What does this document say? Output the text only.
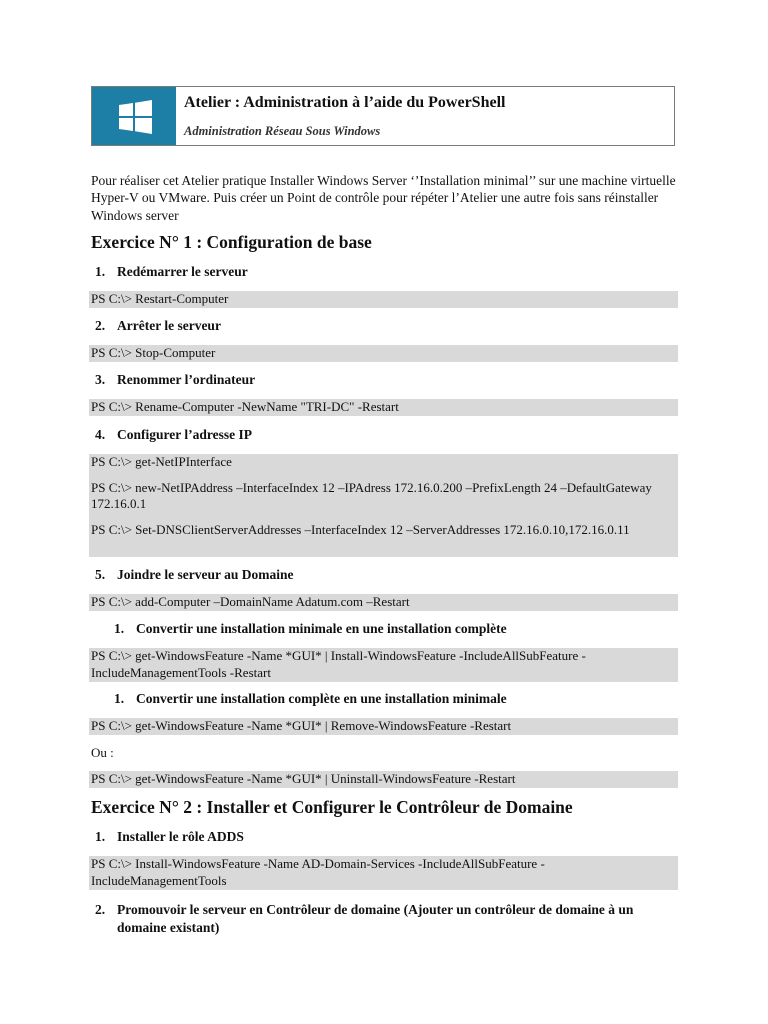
Atelier : Administration à l’aide du PowerShell
Administration Réseau Sous Windows
Pour réaliser cet Atelier pratique Installer Windows Server ‘’Installation minimal’’ sur une machine virtuelle Hyper-V ou VMware. Puis créer un Point de contrôle pour répéter l’Atelier une autre fois sans réinstaller Windows server
Exercice N° 1 : Configuration de base
1. Redémarrer le serveur

PS C:\> Restart-Computer

2. Arrêter le serveur

PS C:\> Stop-Computer

3. Renommer l’ordinateur

PS C:\> Rename-Computer -NewName "TRI-DC" -Restart

4. Configurer l’adresse IP

PS C:\> get-NetIPInterface

PS C:\> new-NetIPAddress –InterfaceIndex 12 –IPAdress 172.16.0.200 –PrefixLength 24 –DefaultGateway 172.16.0.1

PS C:\> Set-DNSClientServerAddresses –InterfaceIndex 12 –ServerAddresses 172.16.0.10,172.16.0.11

5. Joindre le serveur au Domaine

PS C:\> add-Computer –DomainName Adatum.com –Restart

1. Convertir une installation minimale en une installation complète

PS C:\> get-WindowsFeature -Name *GUI* | Install-WindowsFeature -IncludeAllSubFeature -IncludeManagementTools -Restart

1. Convertir une installation complète en une installation minimale

PS C:\> get-WindowsFeature -Name *GUI* | Remove-WindowsFeature -Restart

Ou :

PS C:\> get-WindowsFeature -Name *GUI* | Uninstall-WindowsFeature -Restart

Exercice N° 2 : Installer et Configurer le Contrôleur de Domaine
1. Installer le rôle ADDS

PS C:\> Install-WindowsFeature -Name AD-Domain-Services -IncludeAllSubFeature -IncludeManagementTools

2. Promouvoir le serveur en Contrôleur de domaine (Ajouter un contrôleur de domaine à un domaine existant)
